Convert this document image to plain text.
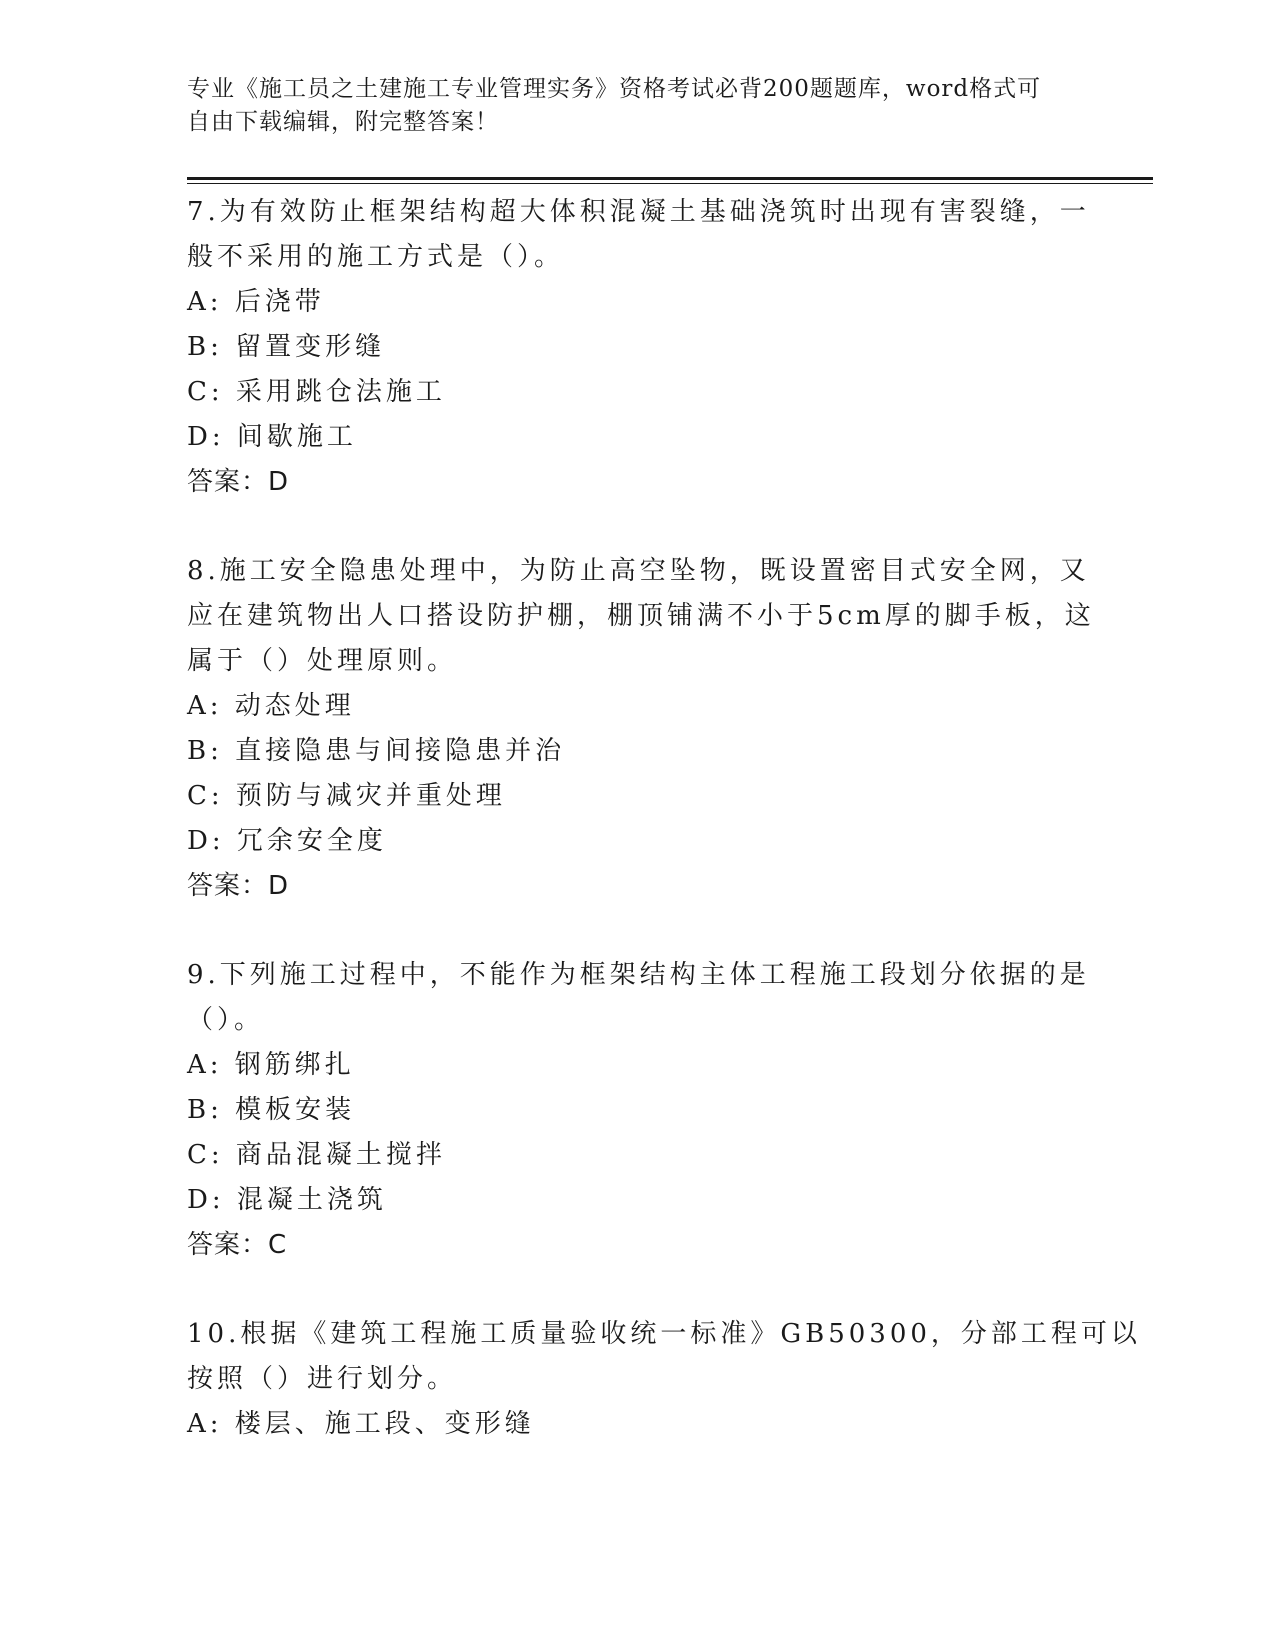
专业《施工员之土建施工专业管理实务》资格考试必背200题题库，word格式可
自由下载编辑，附完整答案！
7.为有效防止框架结构超大体积混凝土基础浇筑时出现有害裂缝，一
般不采用的施工方式是（）。
A: 后浇带
B: 留置变形缝
C: 采用跳仓法施工
D: 间歇施工
答案：D
8.施工安全隐患处理中，为防止高空坠物，既设置密目式安全网，又
应在建筑物出人口搭设防护棚，棚顶铺满不小于5cm厚的脚手板，这
属于（）处理原则。
A: 动态处理
B: 直接隐患与间接隐患并治
C: 预防与减灾并重处理
D: 冗余安全度
答案：D
9.下列施工过程中，不能作为框架结构主体工程施工段划分依据的是
（）。
A: 钢筋绑扎
B: 模板安装
C: 商品混凝土搅拌
D: 混凝土浇筑
答案：C
10.根据《建筑工程施工质量验收统一标准》GB50300，分部工程可以
按照（）进行划分。
A: 楼层、施工段、变形缝
